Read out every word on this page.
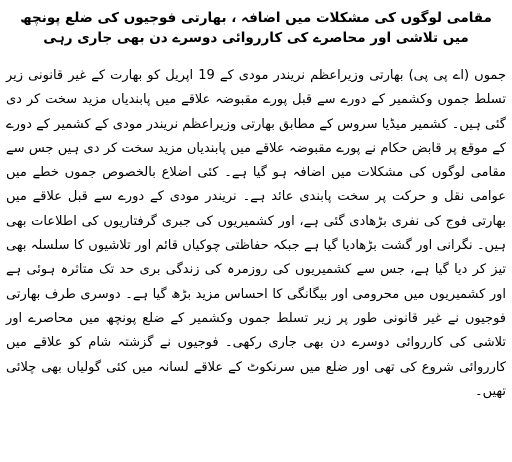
مقامی لوگوں کی مشکلات میں اضافہ ، بھارتی فوجیوں کی ضلع پونچھ میں تلاشی اور محاصرے کی کارروائی دوسرے دن بھی جاری رہی

جموں (اے پی پی) بھارتی وزیراعظم نریندر مودی کے 19 اپریل کو بھارت کے غیر قانونی زیر تسلط جموں وکشمیر کے دورے سے قبل پورے مقبوضہ علاقے میں پابندیاں مزید سخت کر دی گئی ہیں۔ کشمیر میڈیا سروس کے مطابق بھارتی وزیراعظم نریندر مودی کے کشمیر کے دورے کے موقع پر قابض حکام نے پورے مقبوضہ علاقے میں پابندیاں مزید سخت کر دی ہیں جس سے مقامی لوگوں کی مشکلات میں اضافہ ہو گیا ہے۔ کئی اضلاع بالخصوص جموں خطے میں عوامی نقل و حرکت پر سخت پابندی عائد ہے۔ نریندر مودی کے دورے سے قبل علاقے میں بھارتی فوج کی نفری بڑھادی گئی ہے، اور کشمیریوں کی جبری گرفتاریوں کی اطلاعات بھی ہیں۔ نگرانی اور گشت بڑھادیا گیا ہے جبکہ حفاظتی چوکیاں قائم اور تلاشیوں کا سلسلہ بھی تیز کر دیا گیا ہے، جس سے کشمیریوں کی روزمرہ کی زندگی بری حد تک متاثرہ ہوئی ہے اور کشمیریوں میں محرومی اور بیگانگی کا احساس مزید بڑھ گیا ہے۔ دوسری طرف بھارتی فوجیوں نے غیر قانونی طور پر زیر تسلط جموں وکشمیر کے ضلع پونچھ میں محاصرے اور تلاشی کی کارروائی دوسرے دن بھی جاری رکھی۔ فوجیوں نے گزشتہ شام کو علاقے میں کارروائی شروع کی تھی اور ضلع میں سرنکوٹ کے علاقے لسانہ میں کئی گولیاں بھی چلائی تھیں۔
